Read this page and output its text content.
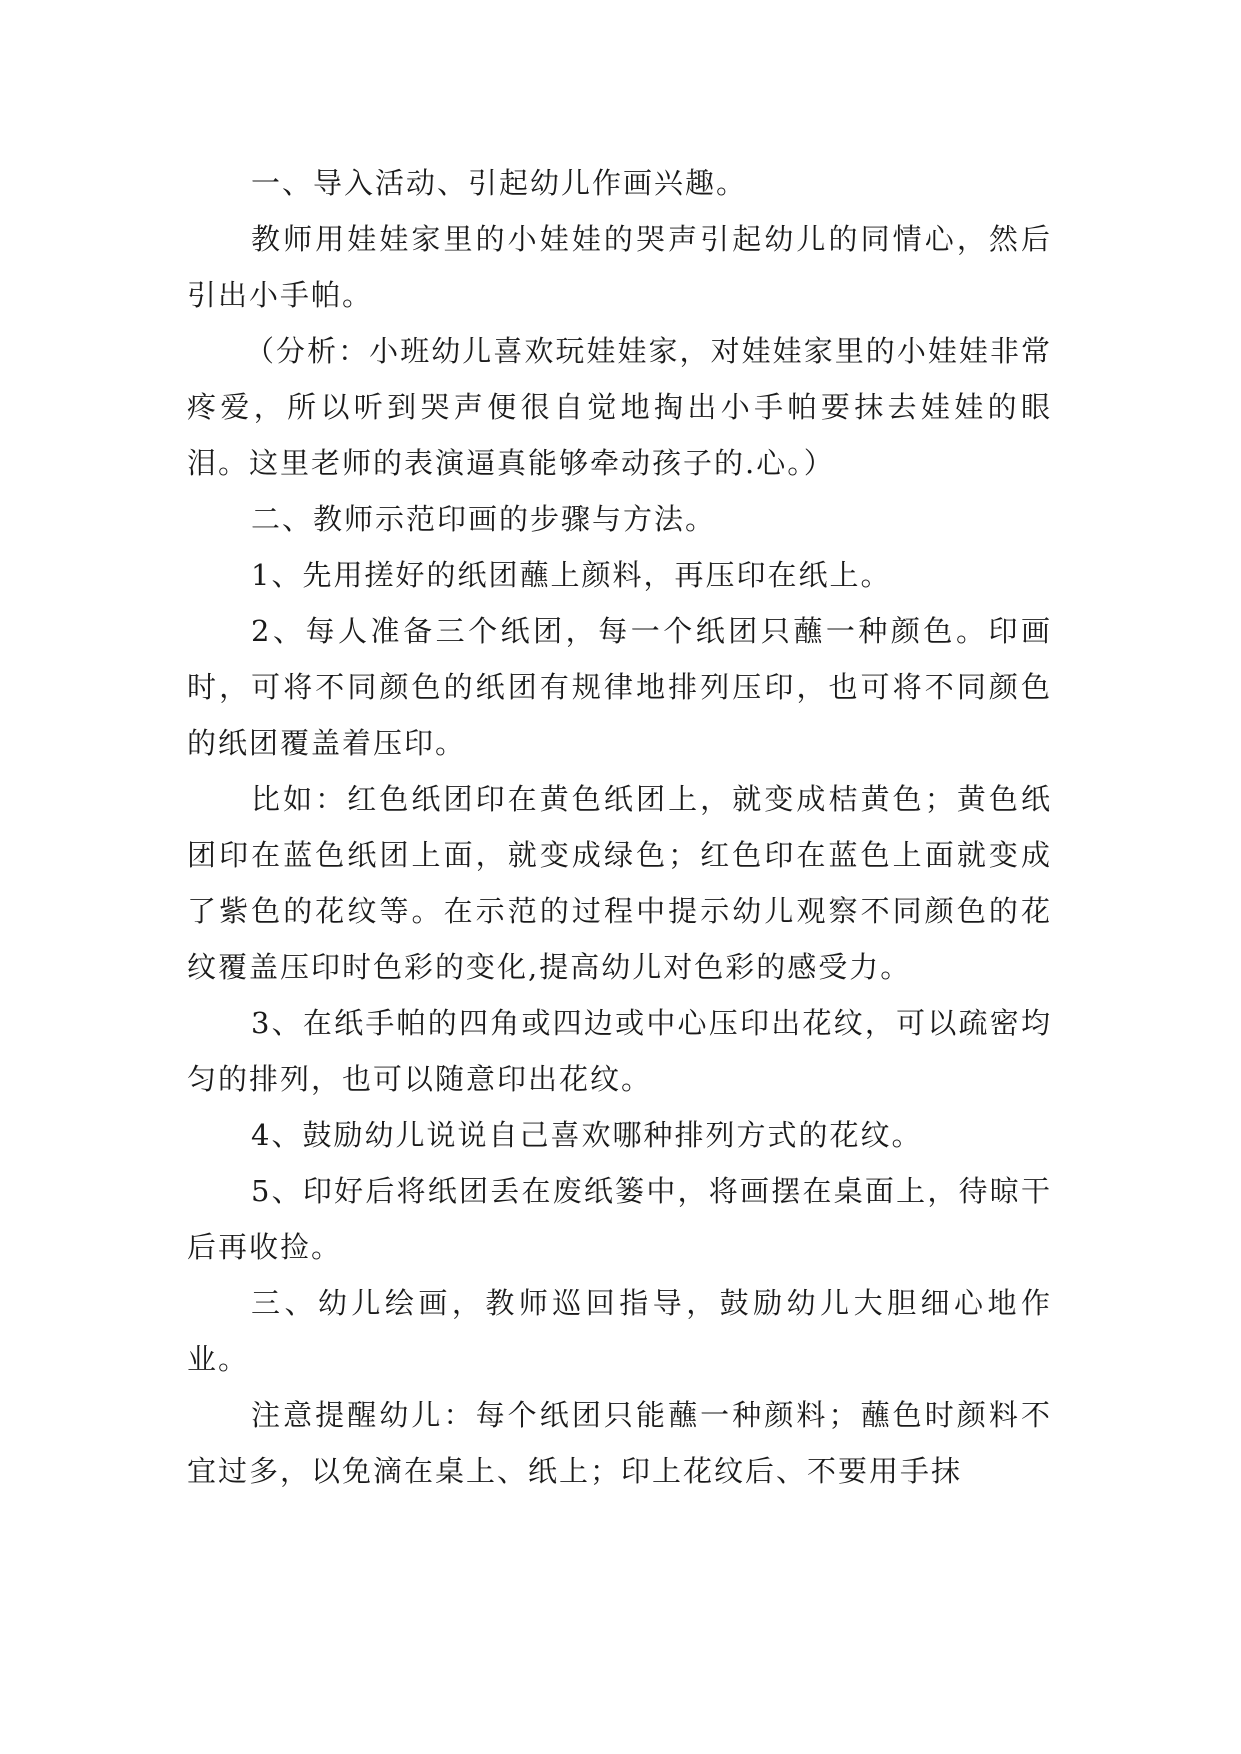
一、导入活动、引起幼儿作画兴趣。

教师用娃娃家里的小娃娃的哭声引起幼儿的同情心，然后引出小手帕。

（分析：小班幼儿喜欢玩娃娃家，对娃娃家里的小娃娃非常疼爱，所以听到哭声便很自觉地掏出小手帕要抹去娃娃的眼泪。这里老师的表演逼真能够牵动孩子的.心。）

二、教师示范印画的步骤与方法。

1、先用搓好的纸团蘸上颜料，再压印在纸上。

2、每人准备三个纸团，每一个纸团只蘸一种颜色。印画时，可将不同颜色的纸团有规律地排列压印，也可将不同颜色的纸团覆盖着压印。

比如：红色纸团印在黄色纸团上，就变成桔黄色；黄色纸团印在蓝色纸团上面，就变成绿色；红色印在蓝色上面就变成了紫色的花纹等。在示范的过程中提示幼儿观察不同颜色的花纹覆盖压印时色彩的变化,提高幼儿对色彩的感受力。

3、在纸手帕的四角或四边或中心压印出花纹，可以疏密均匀的排列，也可以随意印出花纹。

4、鼓励幼儿说说自己喜欢哪种排列方式的花纹。

5、印好后将纸团丢在废纸篓中，将画摆在桌面上，待晾干后再收捡。

三、幼儿绘画，教师巡回指导，鼓励幼儿大胆细心地作业。

注意提醒幼儿：每个纸团只能蘸一种颜料；蘸色时颜料不宜过多，以免滴在桌上、纸上；印上花纹后、不要用手抹
